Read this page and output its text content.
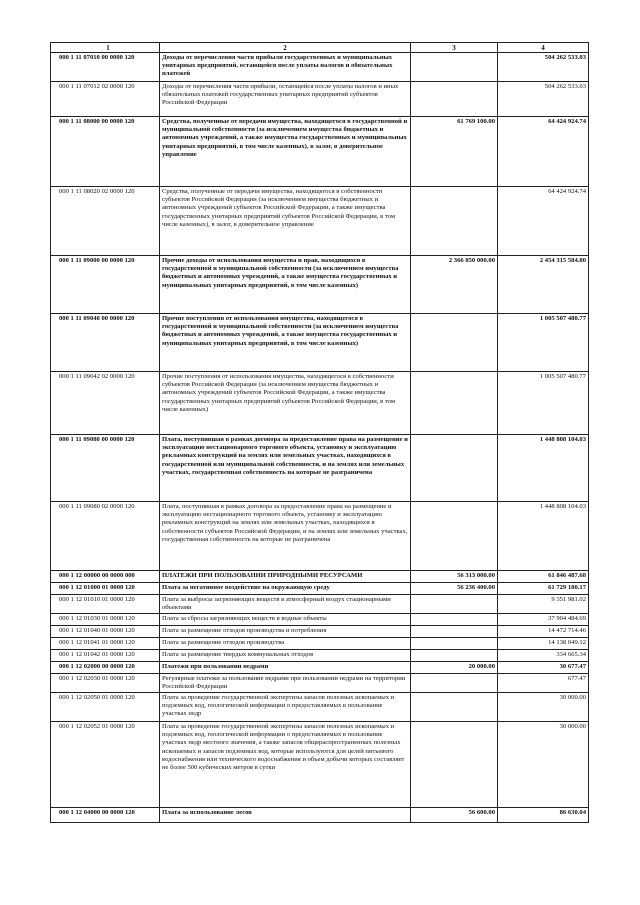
1	2	3	4
000 1 11 07010 00 0000 120	Доходы от перечисления части прибыли государственных и муниципальных унитарных предприятий, остающейся после уплаты налогов и обязательных платежей		504 262 533.03
000 1 11 07012 02 0000 120	Доходы от перечисления части прибыли, остающейся после уплаты налогов и иных обязательных платежей государственных унитарных предприятий субъектов Российской Федерации		504 262 533.03
000 1 11 08000 00 0000 120	Средства, полученные от передачи имущества, находящегося в государственной и муниципальной собственности (за исключением имущества бюджетных и автономных учреждений, а также имущества государственных и муниципальных унитарных предприятий, в том числе казенных), в залог, в доверительное управление	61 769 100.00	64 424 924.74
000 1 11 08020 02 0000 120	Средства, полученные от передачи имущества, находящегося в собственности субъектов Российской Федерации (за исключением имущества бюджетных и автономных учреждений субъектов Российской Федерации, а также имущества государственных унитарных предприятий субъектов Российской Федерации, в том числе казенных), в залог, в доверительное управление		64 424 924.74
000 1 11 09000 00 0000 120	Прочие доходы от использования имущества и прав, находящихся в государственной и муниципальной собственности (за исключением имущества бюджетных и автономных учреждений, а также имущества государственных и муниципальных унитарных предприятий, в том числе казенных)	2 366 850 000.00	2 454 315 584.80
000 1 11 09040 00 0000 120	Прочие поступления от использования имущества, находящегося в государственной и муниципальной собственности (за исключением имущества бюджетных и автономных учреждений, а также имущества государственных и муниципальных унитарных предприятий, в том числе казенных)		1 005 507 480.77
000 1 11 09042 02 0000 120	Прочие поступления от использования имущества, находящегося в собственности субъектов Российской Федерации (за исключением имущества бюджетных и автономных учреждений субъектов Российской Федерации, а также имущества государственных унитарных предприятий субъектов Российской Федерации, в том числе казенных)		1 005 507 480.77
000 1 11 09080 00 0000 120	Плата, поступившая в рамках договора за предоставление права на размещение и эксплуатацию нестационарного торгового объекта, установку и эксплуатацию рекламных конструкций на землях или земельных участках, находящихся в государственной или муниципальной собственности, и на землях или земельных участках, государственная собственность на которые не разграничена		1 448 808 104.03
000 1 11 09080 02 0000 120	Плата, поступившая в рамках договора за предоставление права на размещение и эксплуатацию нестационарного торгового объекта, установку и эксплуатацию рекламных конструкций на землях или земельных участках, находящихся в собственности субъектов Российской Федерации, и на землях или земельных участках, государственная собственность на которые не разграничена		1 448 808 104.03
000 1 12 00000 00 0000 000	ПЛАТЕЖИ ПРИ ПОЛЬЗОВАНИИ ПРИРОДНЫМИ РЕСУРСАМИ	56 313 000.00	61 846 487.68
000 1 12 01000 01 0000 120	Плата за негативное воздействие на окружающую среду	56 236 400.00	61 729 180.17
000 1 12 01010 01 0000 120	Плата за выбросы загрязняющих веществ в атмосферный воздух стационарными объектами		9 351 981.02
000 1 12 01030 01 0000 120	Плата за сбросы загрязняющих веществ в водные объекты		37 904 484.69
000 1 12 01040 01 0000 120	Плата за размещение отходов производства и потребления		14 472 714.46
000 1 12 01041 01 0000 120	Плата за размещение отходов производства		14 138 049.12
000 1 12 01042 01 0000 120	Плата за размещение твердых коммунальных отходов		334 665.34
000 1 12 02000 00 0000 120	Платежи при пользовании недрами	20 000.00	30 677.47
000 1 12 02030 01 0000 120	Регулярные платежи за пользование недрами при пользовании недрами на территории Российской Федерации		677.47
000 1 12 02050 01 0000 120	Плата за проведение государственной экспертизы запасов полезных ископаемых и подземных вод, геологической информации о предоставляемых в пользование участках недр		30 000.00
000 1 12 02052 01 0000 120	Плата за проведение государственной экспертизы запасов полезных ископаемых и подземных вод, геологической информации о предоставляемых в пользование участках недр местного значения, а также запасов общераспространенных полезных ископаемых и запасов подземных вод, которые используются для целей питьевого водоснабжения или технического водоснабжения и объем добычи которых составляет не более 500 кубических метров в сутки		30 000.00
000 1 12 04000 00 0000 120	Плата за использование лесов	56 600.00	86 630.04
